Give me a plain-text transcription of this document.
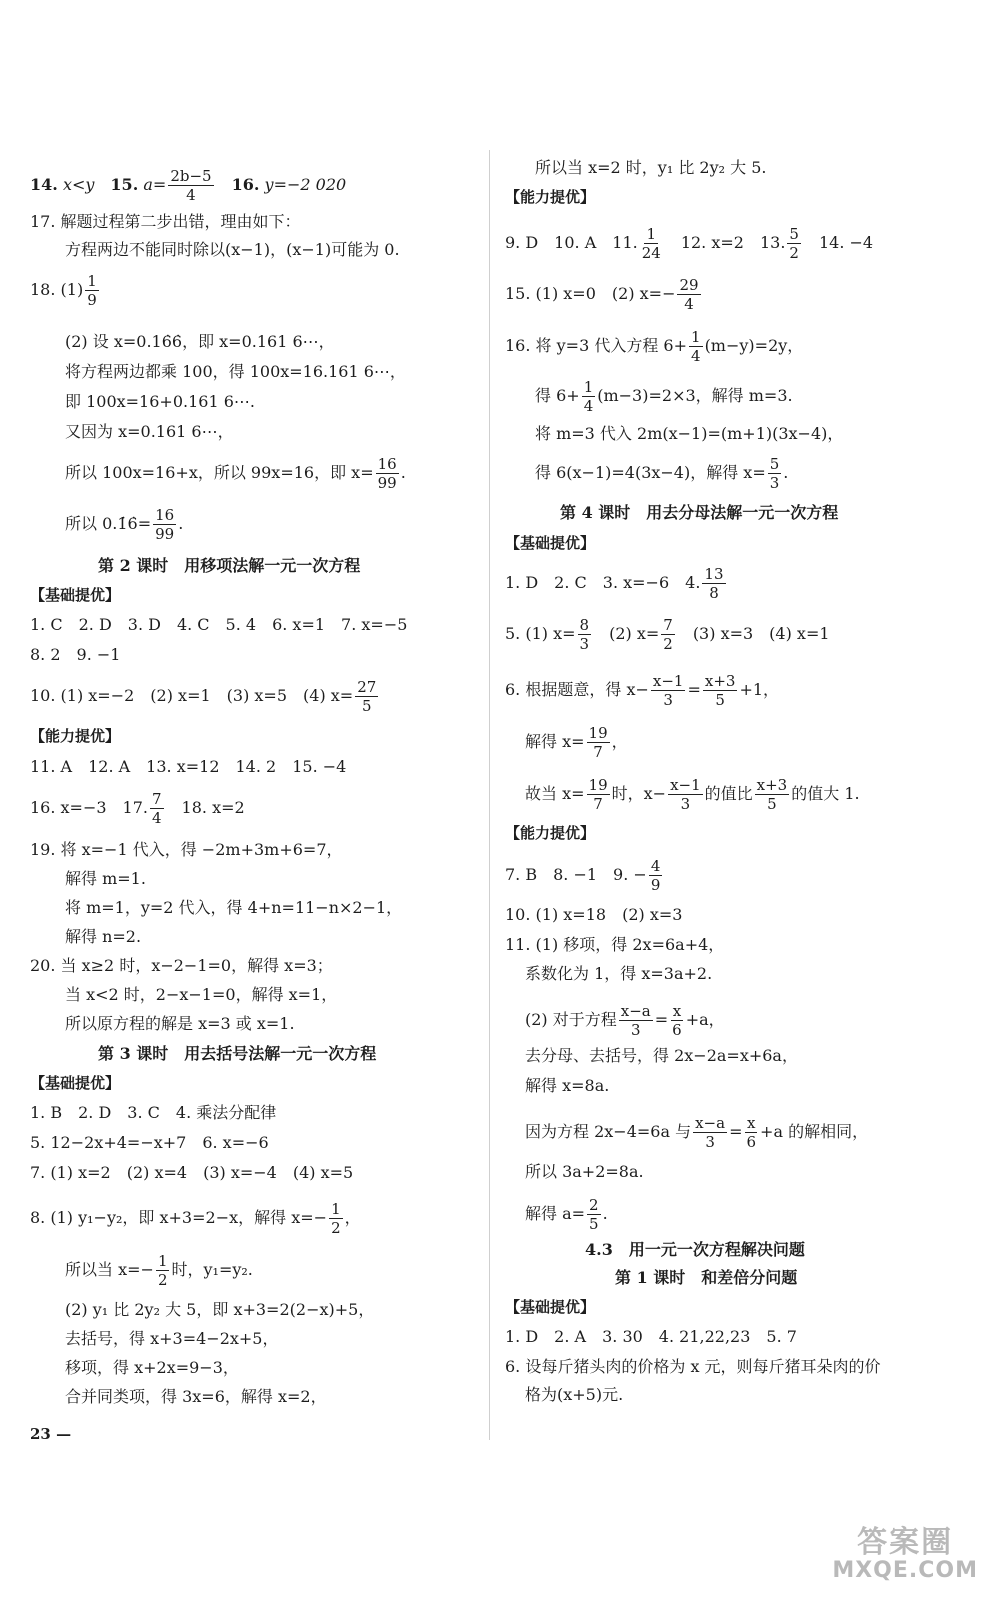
14. x<y　 15. $a= \frac{2b-5}{4}$
　 16. y=−2 020
17. 解题过程第二步出错，理由如下：
方程两边不能同时除以(x−1)，(x−1)可能为 0.
18. $(1) \frac{1}{9}$
(2) 设 x=0.16̇6̇，即 x=0.161 6⋯，
将方程两边都乘 100，得 100x=16.161 6⋯，
即 100x=16+0.161 6⋯.
又因为 x=0.161 6⋯，
所以 100x=16+x，所以 99x=16，即 $x= \frac{16}{99}$ .
所以 0.1̇6̇= $\frac{16}{99}$ .
第 2 课时　用移项法解一元一次方程
【基础提优】
1. C　2. D　3. D　4. C　5. 4　6. x=1　7. x=−5
8. 2　9. −1
10. (1) x=−2　(2) x=1　(3) x=5　(4) $x= \frac{27}{5}$
【能力提优】
11. A　12. A　13. x=12　14. 2　15. −4
16. x=−3　17. $\frac{7}{4}$ 　18. x=2
19. 将 x=−1 代入，得 −2m+3m+6=7，
解得 m=1.
将 m=1，y=2 代入，得 4+n=11−n×2−1，
解得 n=2.
20. 当 x≥2 时，x−2−1=0，解得 x=3；
当 x<2 时，2−x−1=0，解得 x=1，
所以原方程的解是 x=3 或 x=1.
第 3 课时　用去括号法解一元一次方程
【基础提优】
1. B　2. D　3. C　4. 乘法分配律
5. 12−2x+4=−x+7　6. x=−6
7. (1) x=2　(2) x=4　(3) x=−4　(4) x=5
8. (1) y₁−y₂，即 x+3=2−x，解得 $x=- \frac{1}{2}$ ，
所以当 $x=- \frac{1}{2}$ 时，y₁=y₂.
(2) y₁ 比 2y₂ 大 5，即 x+3=2(2−x)+5，
去括号，得 x+3=4−2x+5，
移项，得 x+2x=9−3，
合并同类项，得 3x=6，解得 x=2，
所以当 x=2 时，y₁ 比 2y₂ 大 5.
【能力提优】
9. D　10. A　11. $\frac{1}{24}$ 　12. x=2　13. $\frac{5}{2}$ 　14. −4
15. (1) x=0　(2) $x=- \frac{29}{4}$
16. 将 y=3 代入方程 $6+ \frac{1}{4} (m-y)=2y$，
得 $6+ \frac{1}{4} (m-3)=2\times 3$，解得 m=3.
将 m=3 代入 2m(x−1)=(m+1)(3x−4)，
得 6(x−1)=4(3x−4)，解得 $x= \frac{5}{3}$ .
第 4 课时　用去分母法解一元一次方程
【基础提优】
1. D　2. C　3. x=−6　4. $\frac{13}{8}$
5. (1) $x= \frac{8}{3}$ 　(2) $x= \frac{7}{2}$ 　(3) x=3　(4) x=1
6. 根据题意，得 $x- \frac{x-1}{3} = \frac{x+3}{5} +1$，
解得 $x= \frac{19}{7}$ ，
故当 $x= \frac{19}{7}$ 时，$x- \frac{x-1}{3}$ 的值比 $\frac{x+3}{5}$ 的值大 1.
【能力提优】
7. B　8. −1　9. − $\frac{4}{9}$
10. (1) x=18　(2) x=3
11. (1) 移项，得 2x=6a+4，
系数化为 1，得 x=3a+2.
(2) 对于方程 $\frac{x-a}{3} = \frac{x}{6} +a$，
去分母、去括号，得 2x−2a=x+6a，
解得 x=8a.
因为方程 2x−4=6a 与 $\frac{x-a}{3} = \frac{x}{6} +a$ 的解相同，
所以 3a+2=8a.
解得 $a= \frac{2}{5}$ .
4.3　用一元一次方程解决问题
第 1 课时　和差倍分问题
【基础提优】
1. D　2. A　3. 30　4. 21,22,23　5. 7
6. 设每斤猪头肉的价格为 x 元，则每斤猪耳朵肉的价
格为(x+5)元.
23 —
答案圈
MXQE.COM
